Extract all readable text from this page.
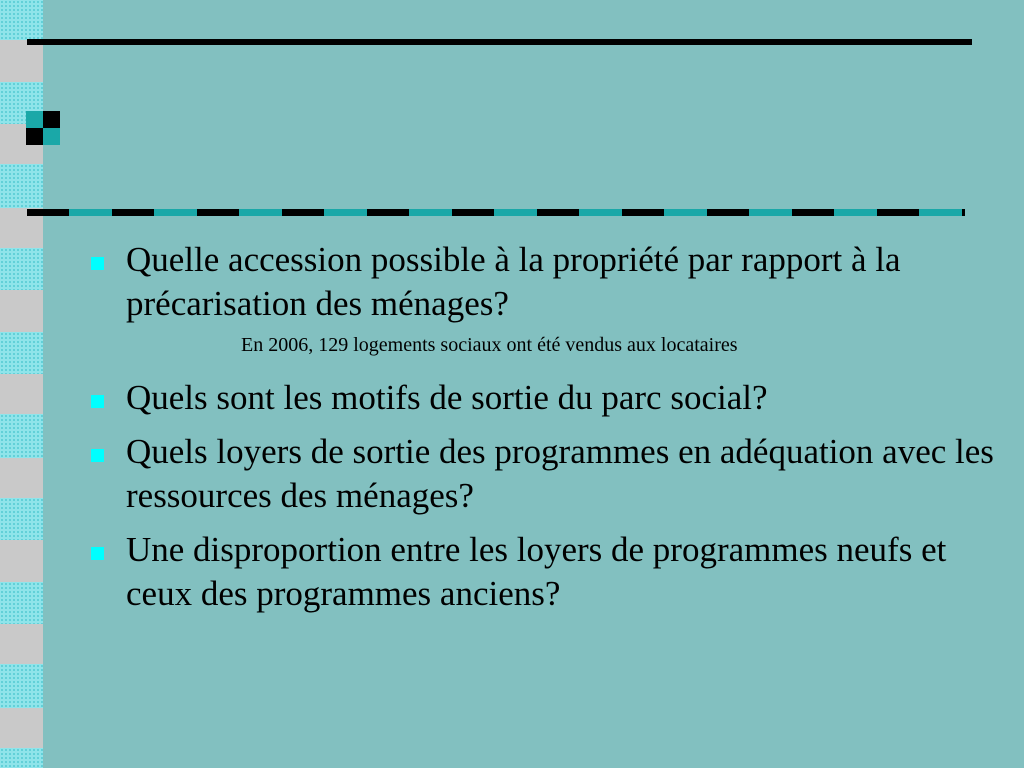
Quelle accession possible à la propriété par rapport à la précarisation des ménages?
En 2006, 129 logements sociaux ont été vendus aux locataires
Quels sont les motifs de sortie du parc social?
Quels loyers de sortie des programmes en adéquation avec les ressources des ménages?
Une disproportion entre les loyers de programmes neufs et ceux des programmes anciens?
